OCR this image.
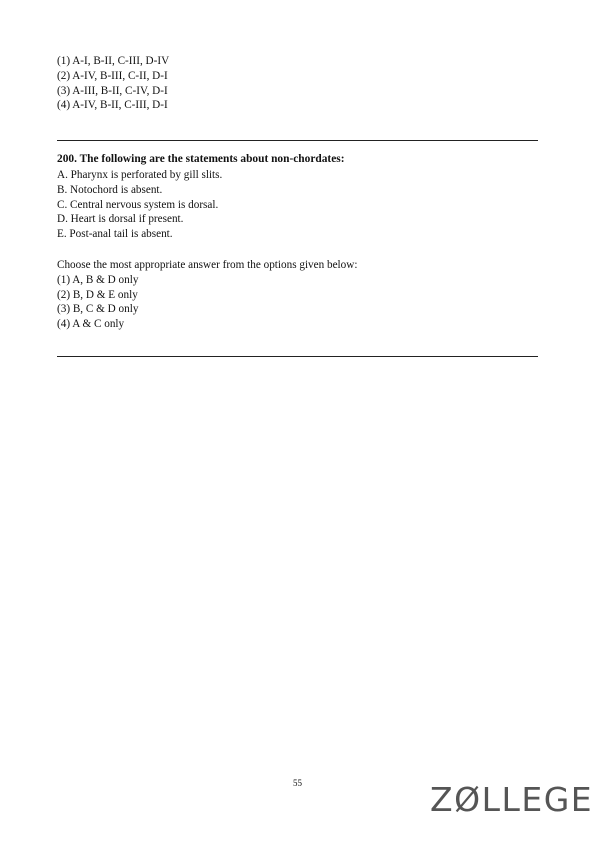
(1) A-I, B-II, C-III, D-IV
(2) A-IV, B-III, C-II, D-I
(3) A-III, B-II, C-IV, D-I
(4) A-IV, B-II, C-III, D-I
200. The following are the statements about non-chordates:
A. Pharynx is perforated by gill slits.
B. Notochord is absent.
C. Central nervous system is dorsal.
D. Heart is dorsal if present.
E. Post-anal tail is absent.
Choose the most appropriate answer from the options given below:
(1) A, B & D only
(2) B, D & E only
(3) B, C & D only
(4) A & C only
55	ZØLLEGE
